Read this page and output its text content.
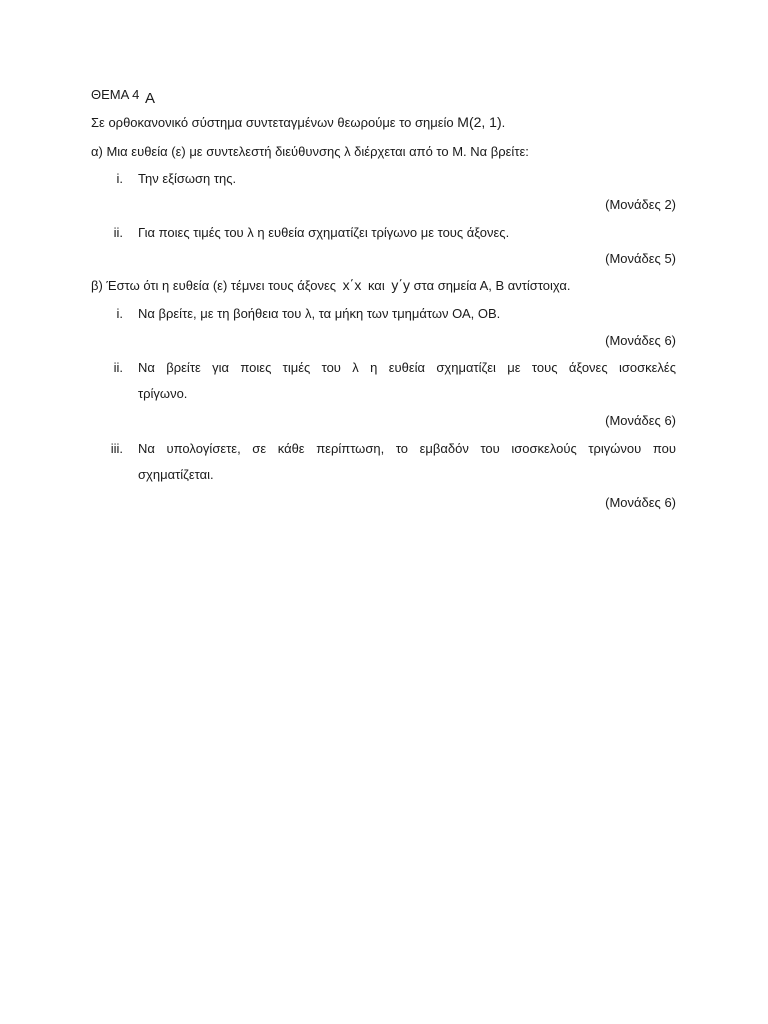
ΘΕΜΑ 4 Α
Σε ορθοκανονικό σύστημα συντεταγμένων θεωρούμε το σημείο Μ(2, 1).
α) Μια ευθεία (ε) με συντελεστή διεύθυνσης λ διέρχεται από το Μ. Να βρείτε:
i. Την εξίσωση της.
(Μονάδες 2)
ii. Για ποιες τιμές του λ η ευθεία σχηματίζει τρίγωνο με τους άξονες.
(Μονάδες 5)
β) Έστω ότι η ευθεία (ε) τέμνει τους άξονες x΄x και y΄y στα σημεία Α, Β αντίστοιχα.
i. Να βρείτε, με τη βοήθεια του λ, τα μήκη των τμημάτων ΟΑ, ΟΒ.
(Μονάδες 6)
ii. Να βρείτε για ποιες τιμές του λ η ευθεία σχηματίζει με τους άξονες ισοσκελές
τρίγωνο.
(Μονάδες 6)
iii. Να υπολογίσετε, σε κάθε περίπτωση, το εμβαδόν του ισοσκελούς τριγώνου που
σχηματίζεται.
(Μονάδες 6)
